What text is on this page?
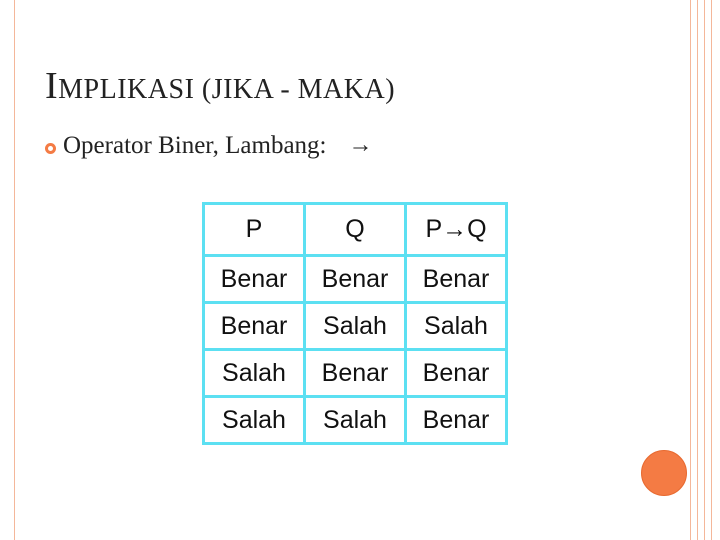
IMPLIKASI (JIKA - MAKA)
Operator Biner, Lambang: →
P	Q	P→Q
Benar	Benar	Benar
Benar	Salah	Salah
Salah	Benar	Benar
Salah	Salah	Benar
